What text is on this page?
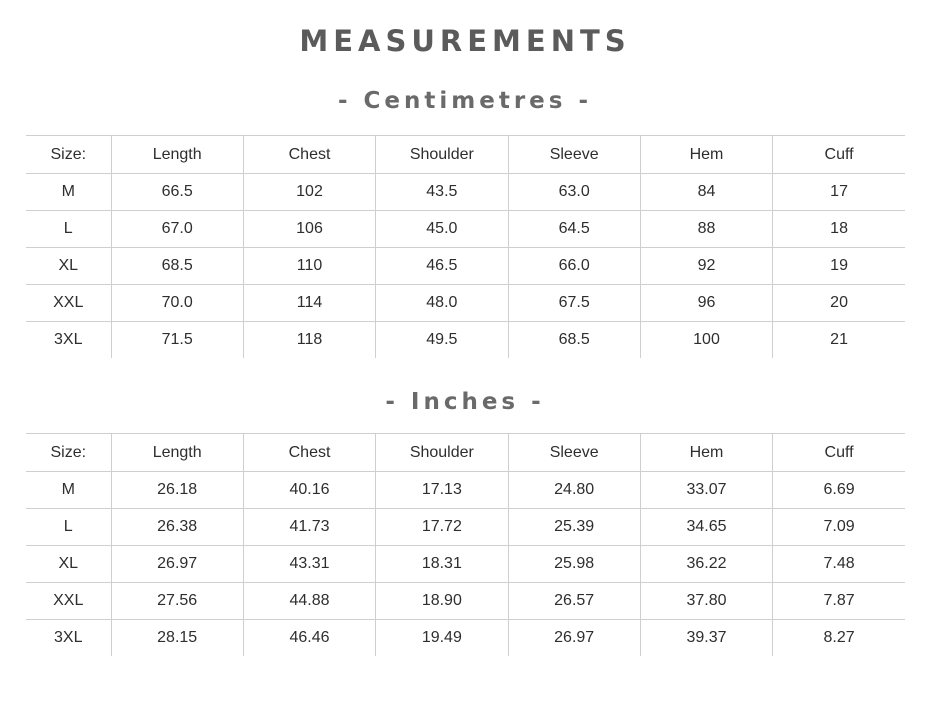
MEASUREMENTS
- Centimetres -
Size:	Length	Chest	Shoulder	Sleeve	Hem	Cuff
M	66.5	102	43.5	63.0	84	17
L	67.0	106	45.0	64.5	88	18
XL	68.5	110	46.5	66.0	92	19
XXL	70.0	114	48.0	67.5	96	20
3XL	71.5	118	49.5	68.5	100	21
- Inches -
Size:	Length	Chest	Shoulder	Sleeve	Hem	Cuff
M	26.18	40.16	17.13	24.80	33.07	6.69
L	26.38	41.73	17.72	25.39	34.65	7.09
XL	26.97	43.31	18.31	25.98	36.22	7.48
XXL	27.56	44.88	18.90	26.57	37.80	7.87
3XL	28.15	46.46	19.49	26.97	39.37	8.27
